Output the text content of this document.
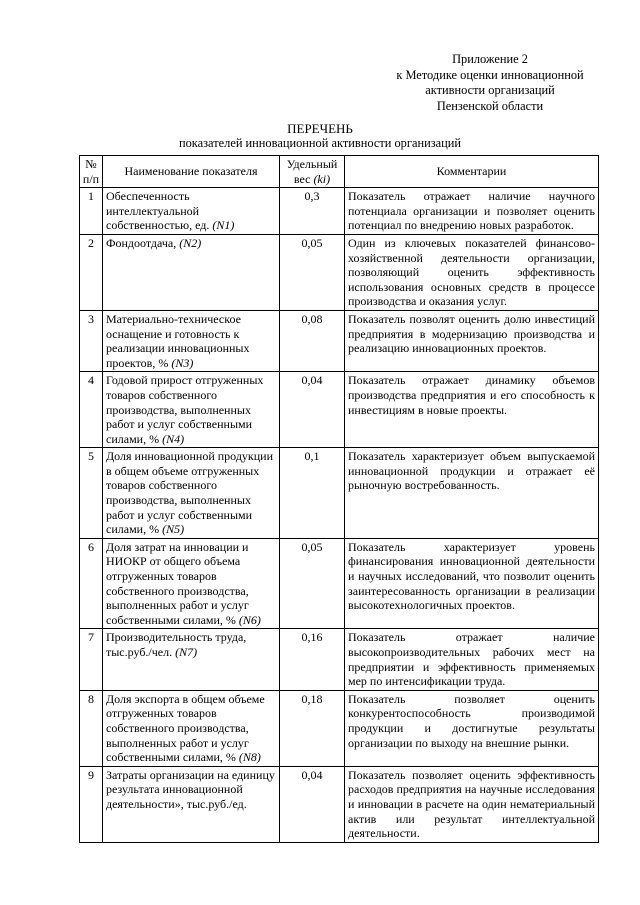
Приложение 2
к Методике оценки инновационной
активности организаций
Пензенской области
ПЕРЕЧЕНЬ
показателей инновационной активности организаций
№ п/п	Наименование показателя	Удельный вес (ki)	Комментарии
1	Обеспеченность интеллектуальной собственностью, ед. (N1)	0,3	Показатель отражает наличие научного потенциала организации и позволяет оценить потенциал по внедрению новых разработок.
2	Фондоотдача, (N2)	0,05	Один из ключевых показателей финансово-хозяйственной деятельности организации, позволяющий оценить эффективность использования основных средств в процессе производства и оказания услуг.
3	Материально-техническое оснащение и готовность к реализации инновационных проектов, % (N3)	0,08	Показатель позволят оценить долю инвестиций предприятия в модернизацию производства и реализацию инновационных проектов.
4	Годовой прирост отгруженных товаров собственного производства, выполненных работ и услуг собственными силами, % (N4)	0,04	Показатель отражает динамику объемов производства предприятия и его способность к инвестициям в новые проекты.
5	Доля инновационной продукции в общем объеме отгруженных товаров собственного производства, выполненных работ и услуг собственными силами, % (N5)	0,1	Показатель характеризует объем выпускаемой инновационной продукции и отражает её рыночную востребованность.
6	Доля затрат на инновации и НИОКР от общего объема отгруженных товаров собственного производства, выполненных работ и услуг собственными силами, % (N6)	0,05	Показатель характеризует уровень финансирования инновационной деятельности и научных исследований, что позволит оценить заинтересованность организации в реализации высокотехнологичных проектов.
7	Производительность труда, тыс.руб./чел. (N7)	0,16	Показатель отражает наличие высокопроизводительных рабочих мест на предприятии и эффективность применяемых мер по интенсификации труда.
8	Доля экспорта в общем объеме отгруженных товаров собственного производства, выполненных работ и услуг собственными силами, % (N8)	0,18	Показатель позволяет оценить конкурентоспособность производимой продукции и достигнутые результаты организации по выходу на внешние рынки.
9	Затраты организации на единицу результата инновационной деятельности», тыс.руб./ед.	0,04	Показатель позволяет оценить эффективность расходов предприятия на научные исследования и инновации в расчете на один нематериальный актив или результат интеллектуальной деятельности.
